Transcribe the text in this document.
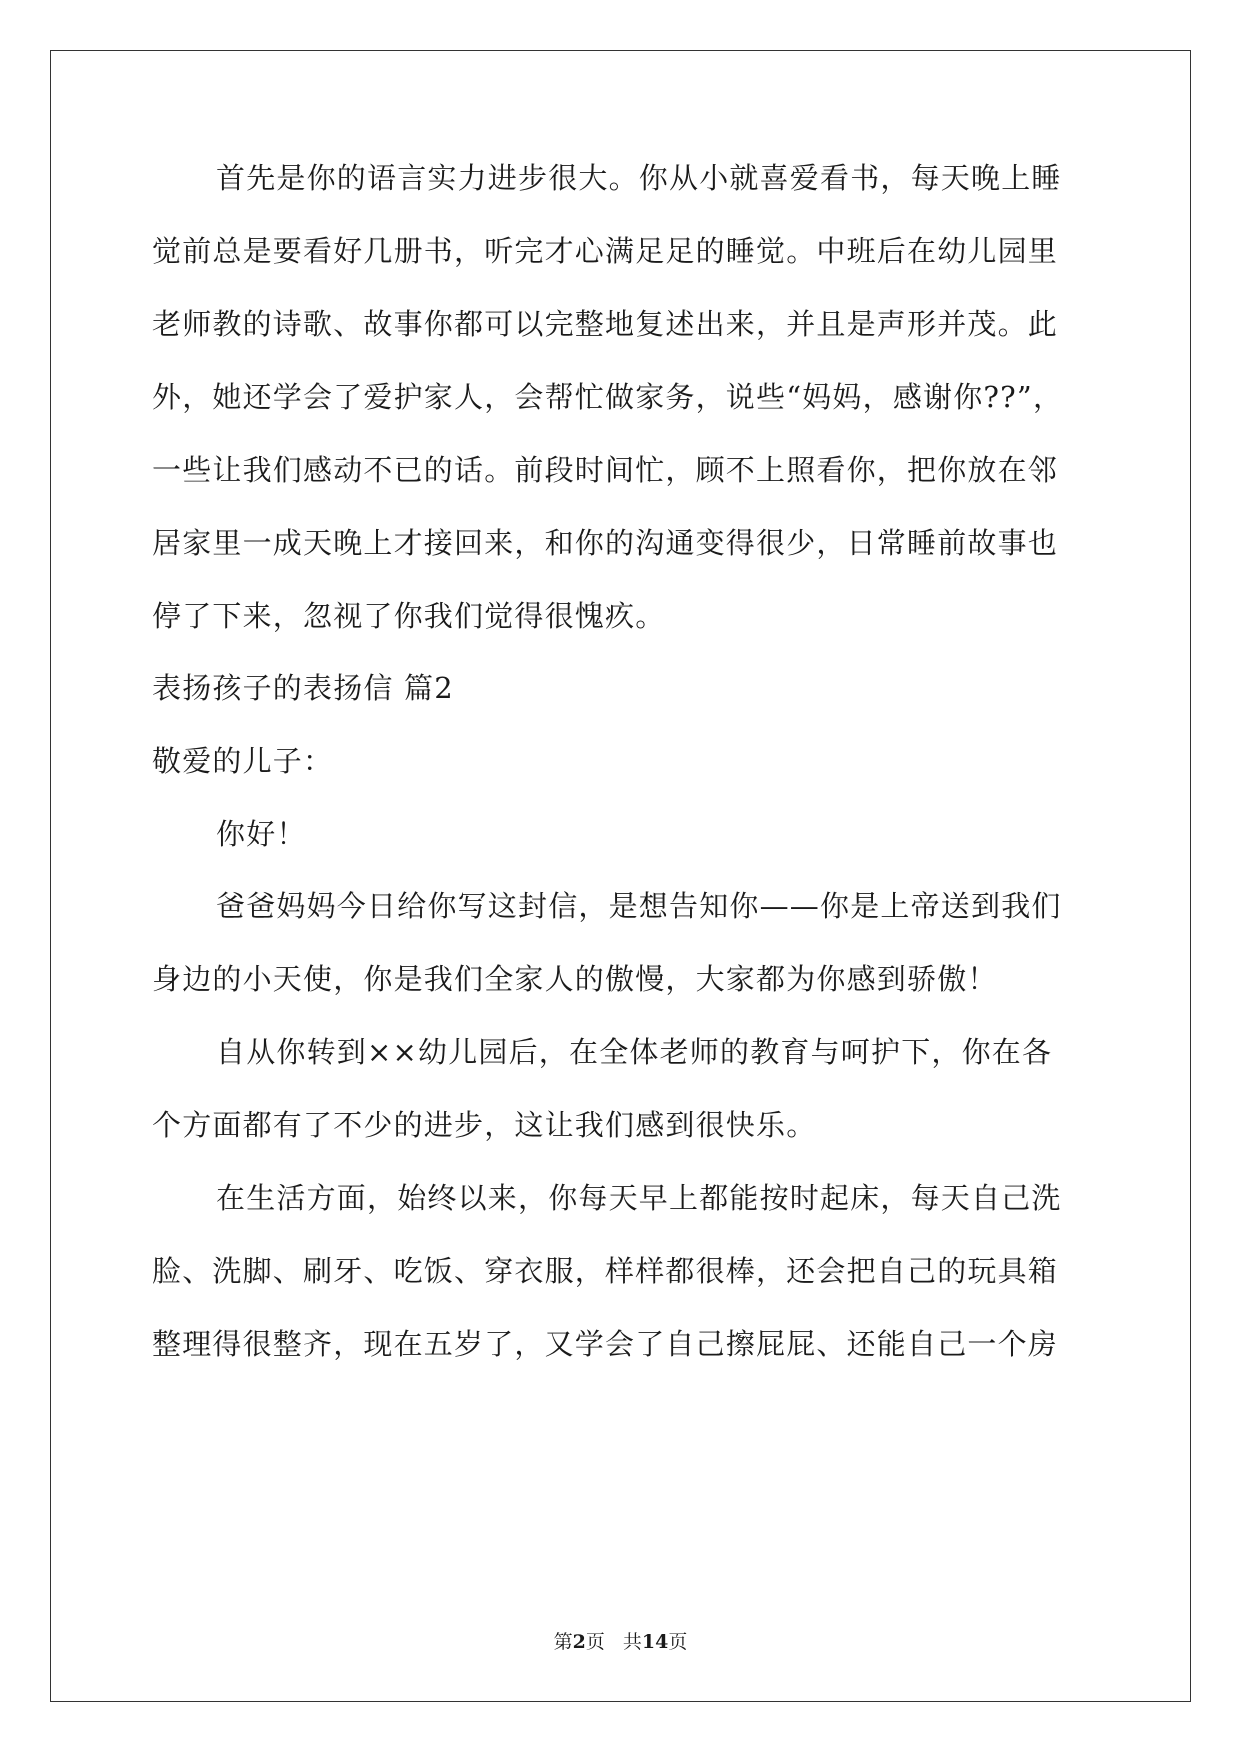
首先是你的语言实力进步很大。你从小就喜爱看书，每天晚上睡
觉前总是要看好几册书，听完才心满足足的睡觉。中班后在幼儿园里
老师教的诗歌、故事你都可以完整地复述出来，并且是声形并茂。此
外，她还学会了爱护家人，会帮忙做家务，说些“妈妈，感谢你??”，
一些让我们感动不已的话。前段时间忙，顾不上照看你，把你放在邻
居家里一成天晚上才接回来，和你的沟通变得很少，日常睡前故事也
停了下来，忽视了你我们觉得很愧疚。
表扬孩子的表扬信 篇2
敬爱的儿子：
你好！
爸爸妈妈今日给你写这封信，是想告知你——你是上帝送到我们
身边的小天使，你是我们全家人的傲慢，大家都为你感到骄傲！
自从你转到××幼儿园后，在全体老师的教育与呵护下，你在各
个方面都有了不少的进步，这让我们感到很快乐。
在生活方面，始终以来，你每天早上都能按时起床，每天自己洗
脸、洗脚、刷牙、吃饭、穿衣服，样样都很棒，还会把自己的玩具箱
整理得很整齐，现在五岁了，又学会了自己擦屁屁、还能自己一个房
第2页 共14页
